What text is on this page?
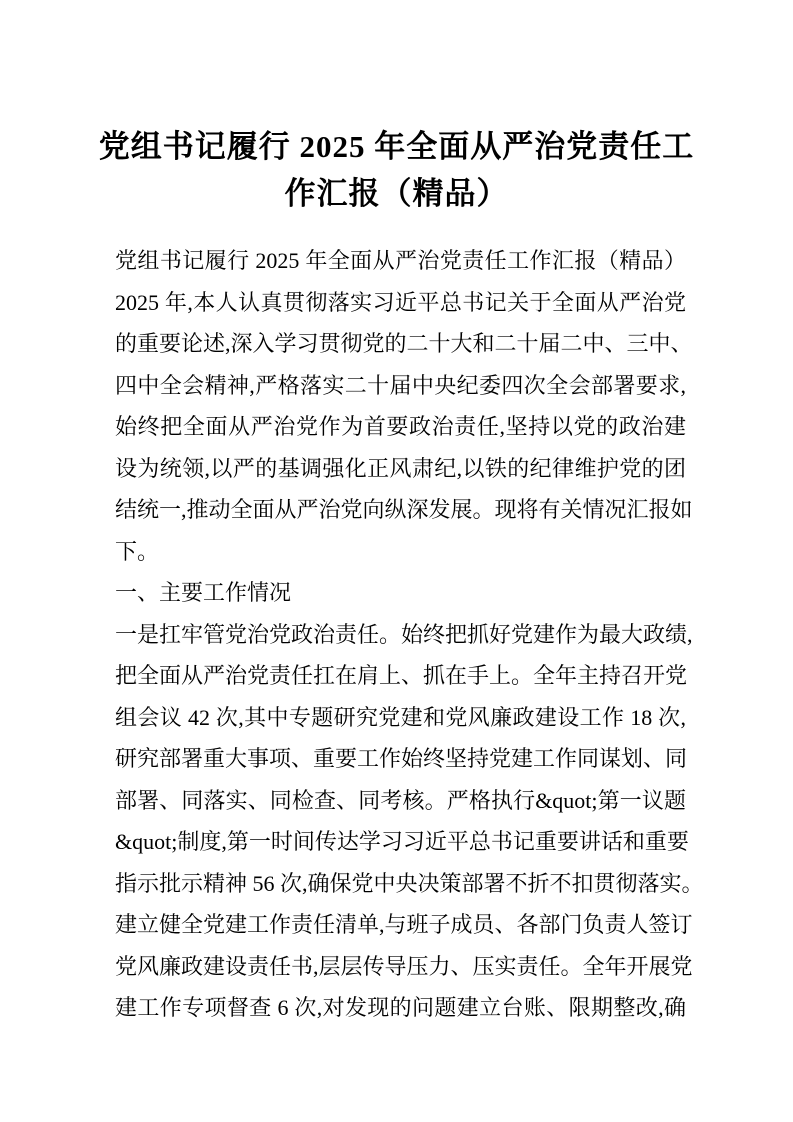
党组书记履行 2025 年全面从严治党责任工
作汇报（精品）
党组书记履行 2025 年全面从严治党责任工作汇报（精品）
2025 年,本人认真贯彻落实习近平总书记关于全面从严治党
的重要论述,深入学习贯彻党的二十大和二十届二中、三中、
四中全会精神,严格落实二十届中央纪委四次全会部署要求,
始终把全面从严治党作为首要政治责任,坚持以党的政治建
设为统领,以严的基调强化正风肃纪,以铁的纪律维护党的团
结统一,推动全面从严治党向纵深发展。现将有关情况汇报如
下。
一、主要工作情况
一是扛牢管党治党政治责任。始终把抓好党建作为最大政绩,
把全面从严治党责任扛在肩上、抓在手上。全年主持召开党
组会议 42 次,其中专题研究党建和党风廉政建设工作 18 次,
研究部署重大事项、重要工作始终坚持党建工作同谋划、同
部署、同落实、同检查、同考核。严格执行&quot;第一议题
&quot;制度,第一时间传达学习习近平总书记重要讲话和重要
指示批示精神 56 次,确保党中央决策部署不折不扣贯彻落实。
建立健全党建工作责任清单,与班子成员、各部门负责人签订
党风廉政建设责任书,层层传导压力、压实责任。全年开展党
建工作专项督查 6 次,对发现的问题建立台账、限期整改,确
